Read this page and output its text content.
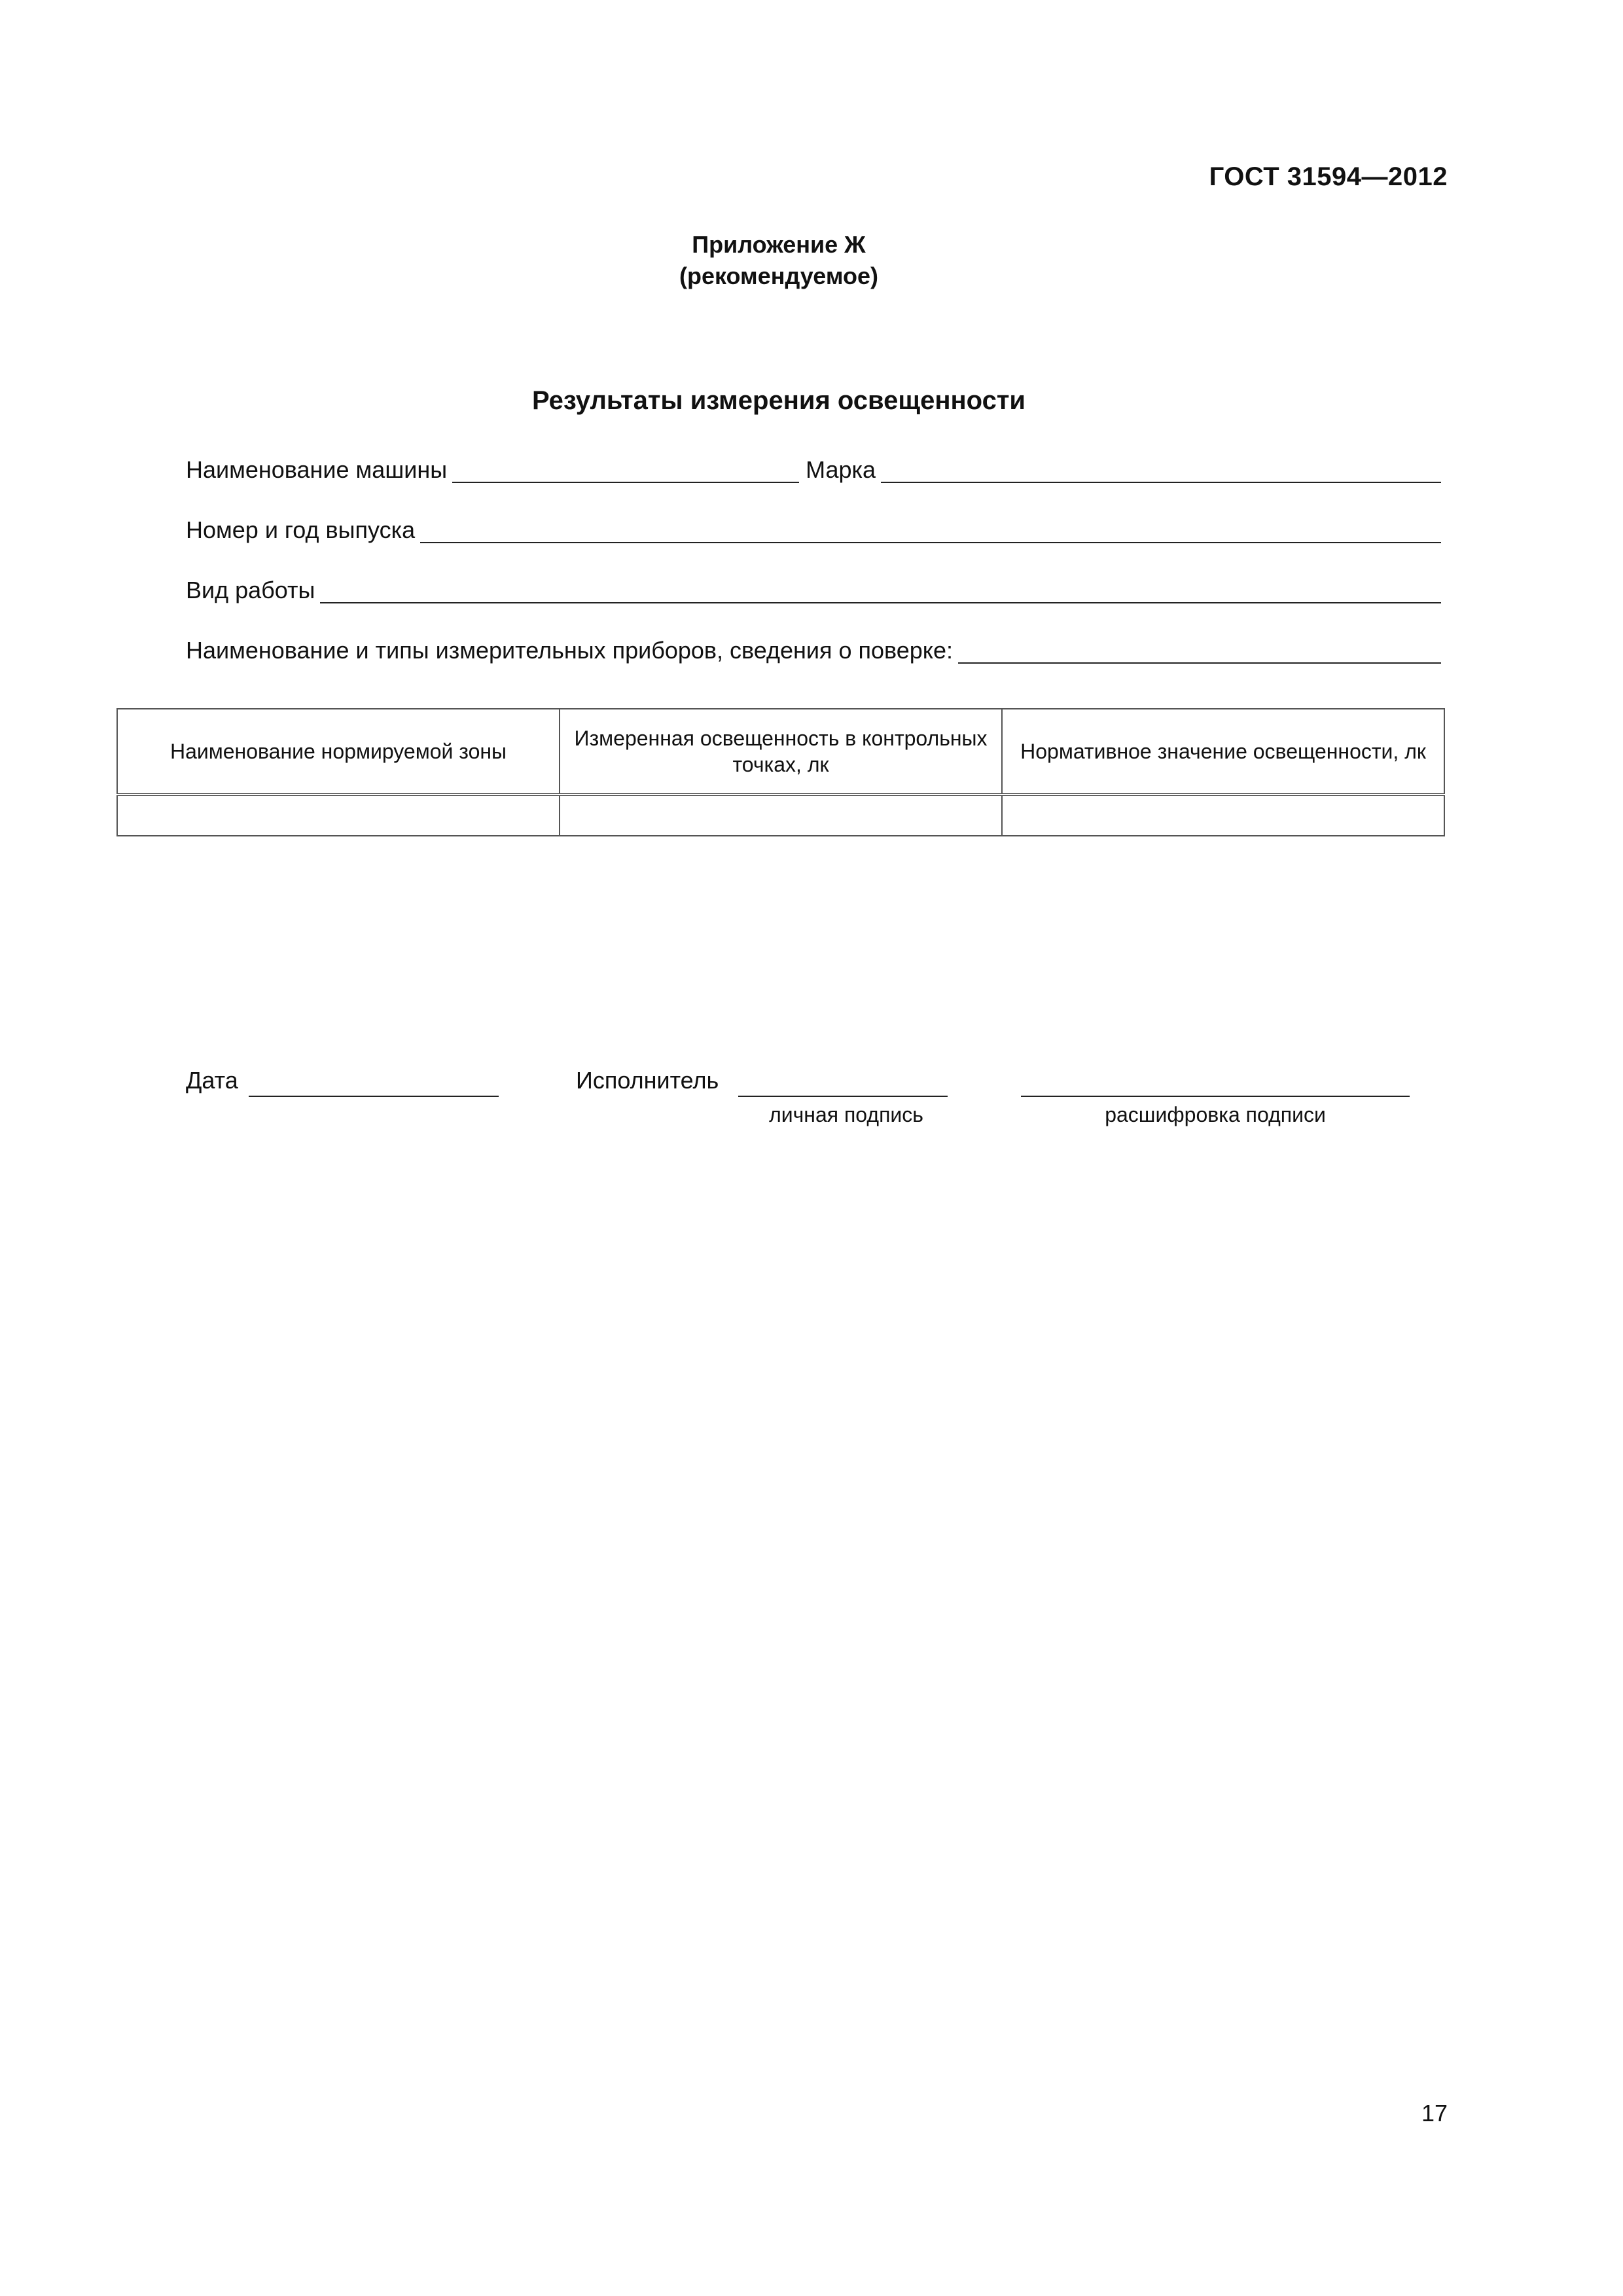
ГОСТ 31594—2012
Приложение Ж
(рекомендуемое)
Результаты измерения освещенности
Наименование машины	Марка
Номер и год выпуска
Вид работы
Наименование и типы измерительных приборов, сведения о поверке:
Наименование нормируемой зоны	Измеренная освещенность в контрольных точках, лк	Нормативное значение освещенности, лк

Дата	Исполнитель
личная подпись	расшифровка подписи
17
